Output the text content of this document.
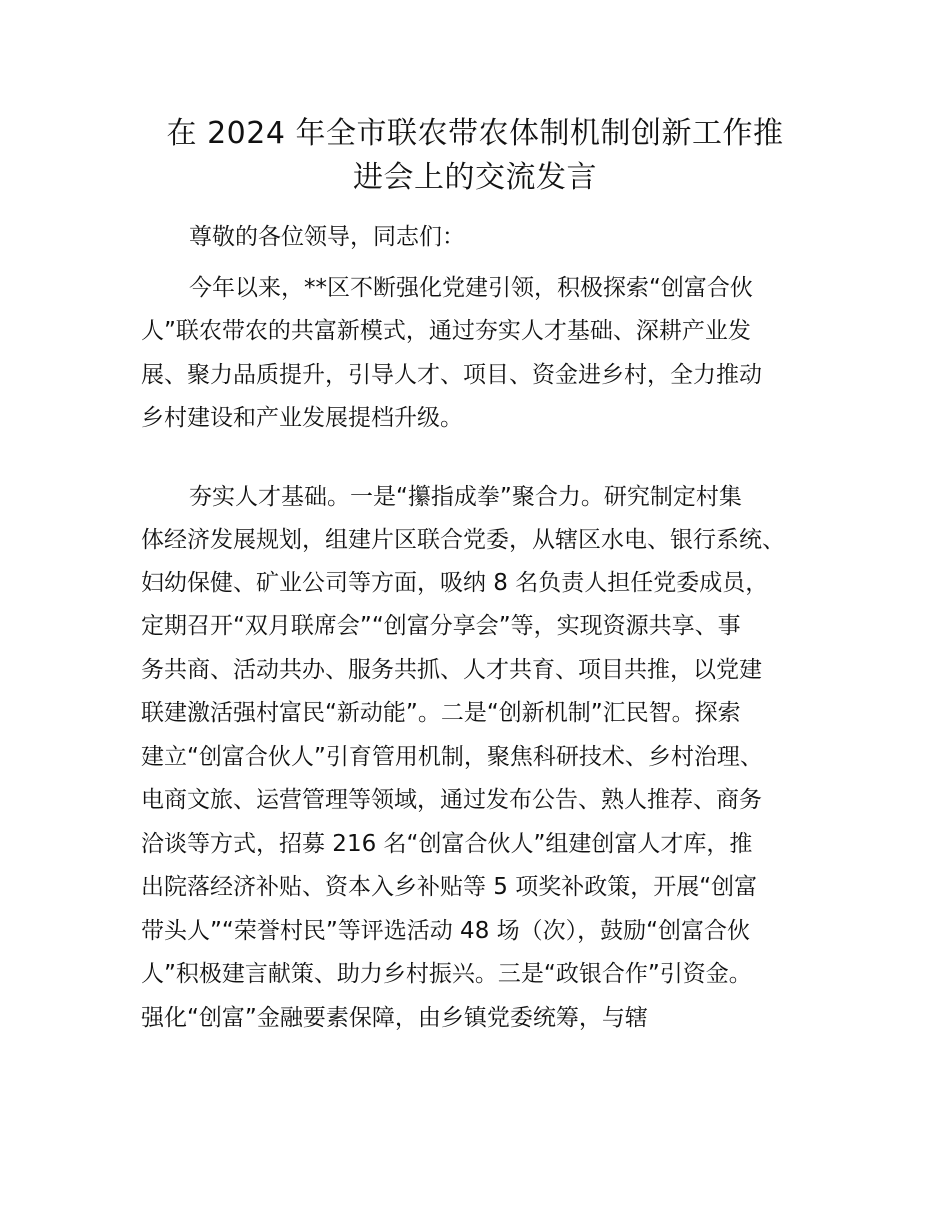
在 2024 年全市联农带农体制机制创新工作推
进会上的交流发言

尊敬的各位领导，同志们：

今年以来，**区不断强化党建引领，积极探索“创富合伙

人”联农带农的共富新模式，通过夯实人才基础、深耕产业发

展、聚力品质提升，引导人才、项目、资金进乡村，全力推动

乡村建设和产业发展提档升级。

夯实人才基础。一是“攥指成拳”聚合力。研究制定村集

体经济发展规划，组建片区联合党委，从辖区水电、银行系统、

妇幼保健、矿业公司等方面，吸纳 8 名负责人担任党委成员，

定期召开“双月联席会”“创富分享会”等，实现资源共享、事

务共商、活动共办、服务共抓、人才共育、项目共推，以党建

联建激活强村富民“新动能”。二是“创新机制”汇民智。探索

建立“创富合伙人”引育管用机制，聚焦科研技术、乡村治理、

电商文旅、运营管理等领域，通过发布公告、熟人推荐、商务

洽谈等方式，招募 216 名“创富合伙人”组建创富人才库，推

出院落经济补贴、资本入乡补贴等 5 项奖补政策，开展“创富

带头人”“荣誉村民”等评选活动 48 场（次），鼓励“创富合伙

人”积极建言献策、助力乡村振兴。三是“政银合作”引资金。

强化“创富”金融要素保障，由乡镇党委统筹，与辖
